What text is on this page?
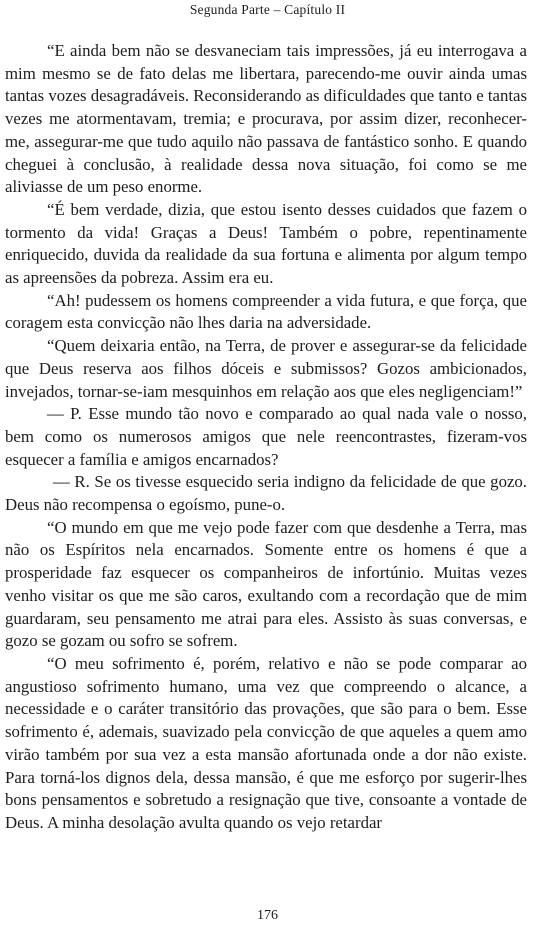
Segunda Parte – Capítulo II

“E ainda bem não se desvaneciam tais impressões, já eu interrogava a mim mesmo se de fato delas me libertara, parecendo-me ouvir ainda umas tantas vozes desagradáveis. Reconsiderando as dificuldades que tanto e tantas vezes me atormentavam, tremia; e procurava, por assim dizer, reconhecer-me, assegurar-me que tudo aquilo não passava de fantástico sonho. E quando cheguei à conclusão, à realidade dessa nova situação, foi como se me aliviasse de um peso enorme.

“É bem verdade, dizia, que estou isento desses cuidados que fazem o tormento da vida! Graças a Deus! Também o pobre, repentinamente enriquecido, duvida da realidade da sua fortuna e alimenta por algum tempo as apreensões da pobreza. Assim era eu.

“Ah! pudessem os homens compreender a vida futura, e que força, que coragem esta convicção não lhes daria na adversidade.

“Quem deixaria então, na Terra, de prover e assegurar-se da felicidade que Deus reserva aos filhos dóceis e submissos? Gozos ambicionados, invejados, tornar-se-iam mesquinhos em relação aos que eles negligenciam!”

— P. Esse mundo tão novo e comparado ao qual nada vale o nosso, bem como os numerosos amigos que nele reencontrastes, fizeram-vos esquecer a família e amigos encarnados?

— R. Se os tivesse esquecido seria indigno da felicidade de que gozo. Deus não recompensa o egoísmo, pune-o.

“O mundo em que me vejo pode fazer com que desdenhe a Terra, mas não os Espíritos nela encarnados. Somente entre os homens é que a prosperidade faz esquecer os companheiros de infortúnio. Muitas vezes venho visitar os que me são caros, exultando com a recordação que de mim guardaram, seu pensamento me atrai para eles. Assisto às suas conversas, e gozo se gozam ou sofro se sofrem.

“O meu sofrimento é, porém, relativo e não se pode comparar ao angustioso sofrimento humano, uma vez que compreendo o alcance, a necessidade e o caráter transitório das provações, que são para o bem. Esse sofrimento é, ademais, suavizado pela convicção de que aqueles a quem amo virão também por sua vez a esta mansão afortunada onde a dor não existe. Para torná-los dignos dela, dessa mansão, é que me esforço por sugerir-lhes bons pensamentos e sobretudo a resignação que tive, consoante a vontade de Deus. A minha desolação avulta quando os vejo retardar

176
